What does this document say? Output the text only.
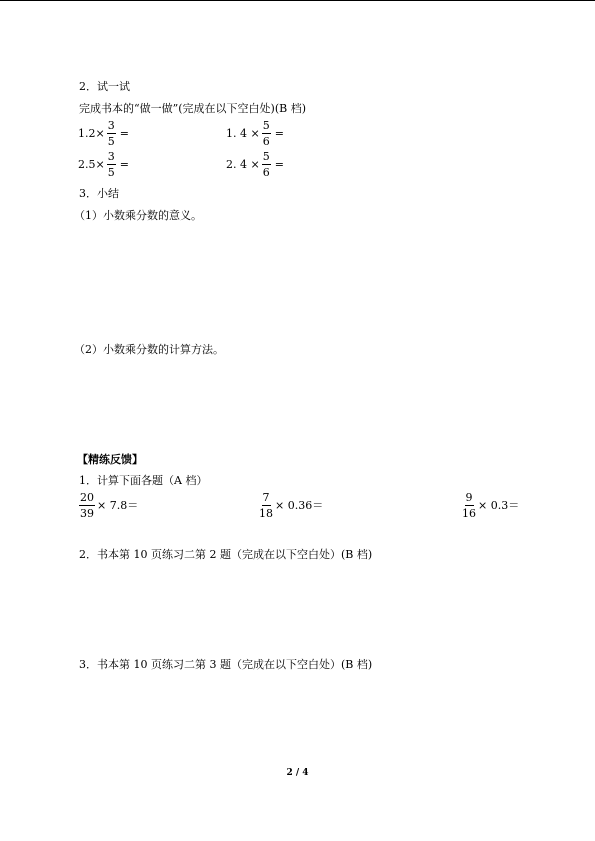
2．试一试
完成书本的“做一做”(完成在以下空白处)(B 档)
$1.2\times \frac{3}{5}$ =	1. $4 \times \frac{5}{6}$ =
$2.5\times \frac{3}{5}$ =	2. $4 \times \frac{5}{6}$ =
3．小结
（1）小数乘分数的意义。
（2）小数乘分数的计算方法。
【精练反馈】
1．计算下面各题（A 档）
$\frac{20}{39} \times 7.8=$	$\frac{7}{18} \times 0.36=$	$\frac{9}{16} \times 0.3=$
2．书本第 10 页练习二第 2 题（完成在以下空白处）(B 档)
3．书本第 10 页练习二第 3 题（完成在以下空白处）(B 档)
2 / 4
